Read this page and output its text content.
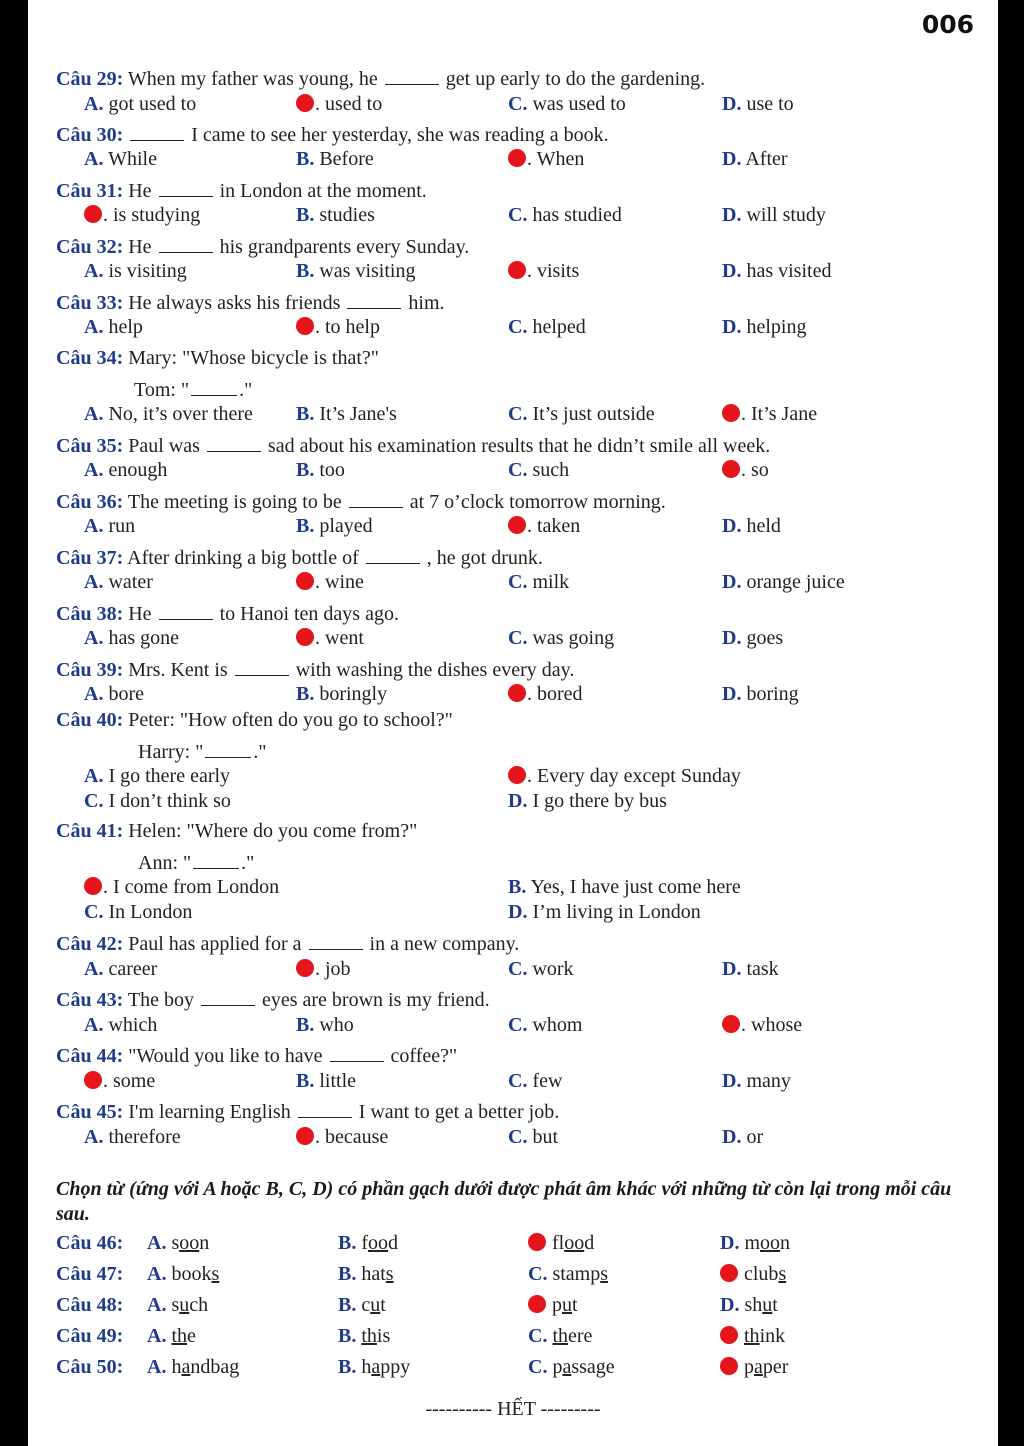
006
Câu 29: When my father was young, he	get up early to do the gardening.
A. got used to	. used to	C. was used to	D. use to
Câu 30:	I came to see her yesterday, she was reading a book.
A. While	B. Before	. When	D. After
Câu 31: He	in London at the moment.
. is studying	B. studies	C. has studied	D. will study
Câu 32: He	his grandparents every Sunday.
A. is visiting	B. was visiting	. visits	D. has visited
Câu 33: He always asks his friends	him.
A. help	. to help	C. helped	D. helping
Câu 34: Mary: "Whose bicycle is that?"
Tom: "	."
A. No, it’s over there B. It’s Jane's	C. It’s just outside	. It’s Jane
Câu 35: Paul was	sad about his examination results that he didn’t smile all week.
A. enough	B. too	C. such	. so
Câu 36: The meeting is going to be	at 7 o’clock tomorrow morning.
A. run	B. played	. taken	D. held
Câu 37: After drinking a big bottle of	, he got drunk.
A. water	. wine	C. milk	D. orange juice
Câu 38: He	to Hanoi ten days ago.
A. has gone	. went	C. was going	D. goes
Câu 39: Mrs. Kent is	with washing the dishes every day.
A. bore	B. boringly	. bored	D. boring
Câu 40: Peter: "How often do you go to school?"
Harry: "	."
A. I go there early	. Every day except Sunday
C. I don’t think so	D. I go there by bus
Câu 41: Helen: "Where do you come from?"
Ann: "	."
. I come from London	B. Yes, I have just come here
C. In London	D. I’m living in London
Câu 42: Paul has applied for a	in a new company.
A. career	. job	C. work	D. task
Câu 43: The boy	eyes are brown is my friend.
A. which	B. who	C. whom	. whose
Câu 44: "Would you like to have	coffee?"
. some	B. little	C. few	D. many
Câu 45: I'm learning English	I want to get a better job.
A. therefore	. because	C. but	D. or
Chọn từ (ứng với A hoặc B, C, D) có phần gạch dưới được phát âm khác với những từ còn lại trong mỗi câu sau.
Câu 46: A. soon	B. food	flood	D. moon
Câu 47: A. books	B. hats	C. stamps	clubs
Câu 48: A. such	B. cut	put	D. shut
Câu 49: A. the	B. this	C. there	think
Câu 50: A. handbag	B. happy	C. passage	paper
---------- HẾT ---------
